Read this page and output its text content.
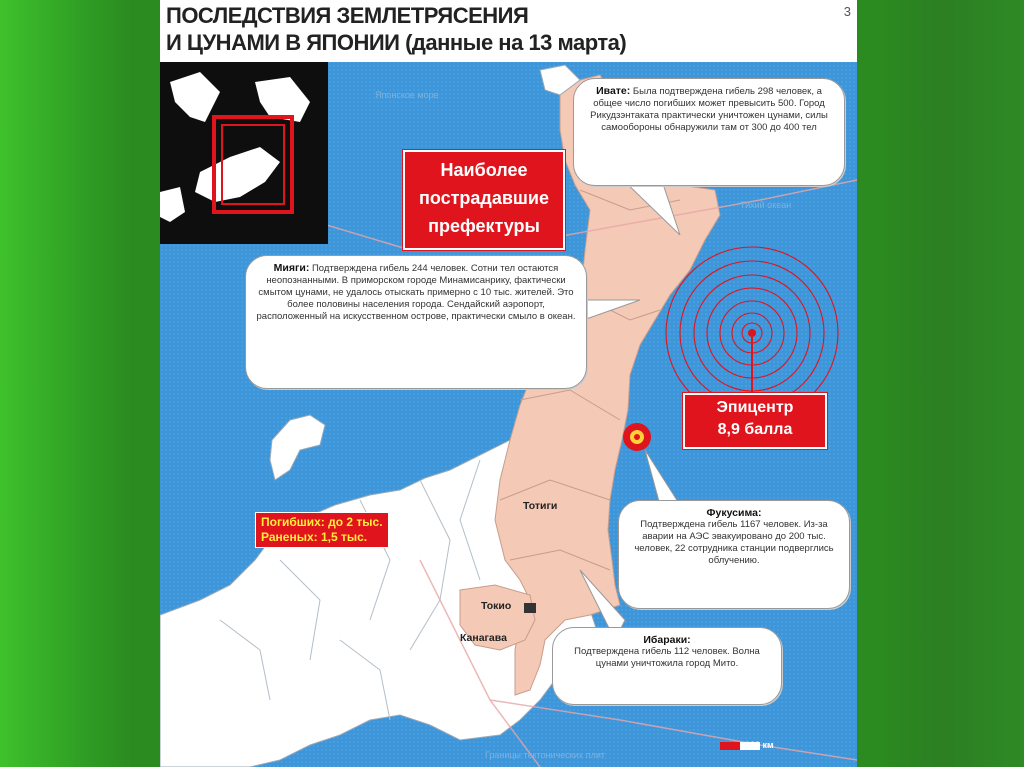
ПОСЛЕДСТВИЯ ЗЕМЛЕТРЯСЕНИЯ
И ЦУНАМИ В ЯПОНИИ (данные на 13 марта)
3
Японское море
Тихий океан
Границы тектонических плит
Ивате: Была подтверждена гибель 298 человек, а общее число погибших может превысить 500. Город Рикудзэнтаката практически уничтожен цунами, силы самообороны обнаружили там от 300 до 400 тел
Наиболее пострадавшие префектуры
Мияги: Подтверждена гибель 244 человек. Сотни тел остаются неопознанными. В приморском городе Минамисанрику, фактически смытом цунами, не удалось отыскать примерно с 10 тыс. жителей. Это более половины населения города. Сендайский аэропорт, расположенный на искусственном острове, практически смыло в океан.
Эпицентр
8,9 балла
Погибших: до 2 тыс.
Раненых: 1,5 тыс.
Фукусима:
Подтверждена гибель 1167 человек. Из-за аварии на АЭС эвакуировано до 200 тыс. человек, 22 сотрудника станции подверглись облучению.
Ибараки:
Подтверждена гибель 112 человек. Волна цунами уничтожила город Мито.
Тотиги
Токио
Канагава
100 км
